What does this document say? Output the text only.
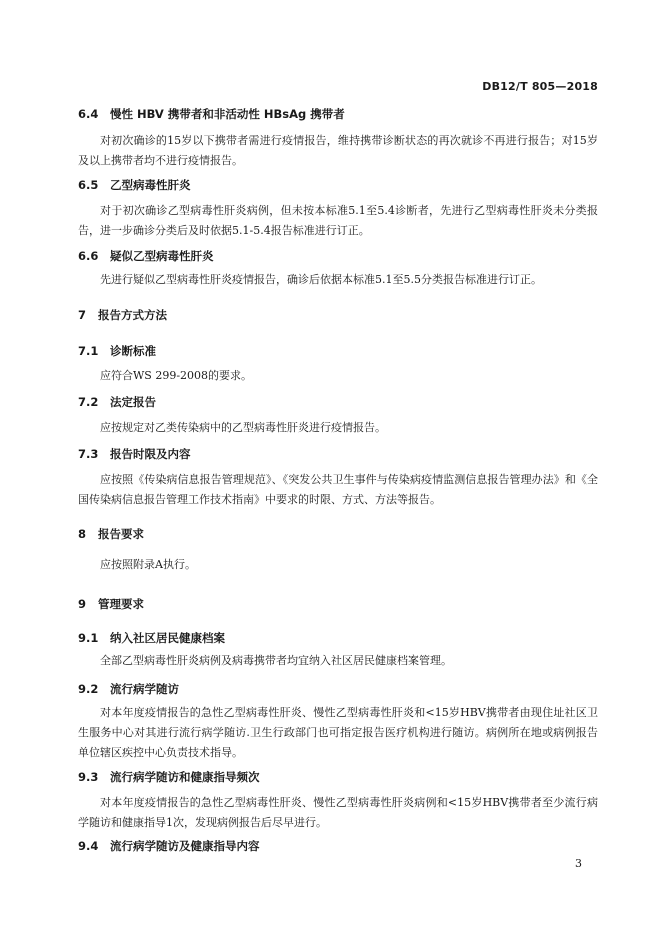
DB12/T 805—2018
6.4 慢性 HBV 携带者和非活动性 HBsAg 携带者
对初次确诊的15岁以下携带者需进行疫情报告，维持携带诊断状态的再次就诊不再进行报告；对15岁及以上携带者均不进行疫情报告。
6.5 乙型病毒性肝炎
对于初次确诊乙型病毒性肝炎病例，但未按本标准5.1至5.4诊断者，先进行乙型病毒性肝炎未分类报告，进一步确诊分类后及时依据5.1-5.4报告标准进行订正。
6.6 疑似乙型病毒性肝炎
先进行疑似乙型病毒性肝炎疫情报告，确诊后依据本标准5.1至5.5分类报告标准进行订正。
7 报告方式方法
7.1 诊断标准
应符合WS 299-2008的要求。
7.2 法定报告
应按规定对乙类传染病中的乙型病毒性肝炎进行疫情报告。
7.3 报告时限及内容
应按照《传染病信息报告管理规范》、《突发公共卫生事件与传染病疫情监测信息报告管理办法》和《全国传染病信息报告管理工作技术指南》中要求的时限、方式、方法等报告。
8 报告要求
应按照附录A执行。
9 管理要求
9.1 纳入社区居民健康档案
全部乙型病毒性肝炎病例及病毒携带者均宜纳入社区居民健康档案管理。
9.2 流行病学随访
对本年度疫情报告的急性乙型病毒性肝炎、慢性乙型病毒性肝炎和<15岁HBV携带者由现住址社区卫生服务中心对其进行流行病学随访.卫生行政部门也可指定报告医疗机构进行随访。病例所在地或病例报告单位辖区疾控中心负责技术指导。
9.3 流行病学随访和健康指导频次
对本年度疫情报告的急性乙型病毒性肝炎、慢性乙型病毒性肝炎病例和<15岁HBV携带者至少流行病学随访和健康指导1次，发现病例报告后尽早进行。
9.4 流行病学随访及健康指导内容
3
